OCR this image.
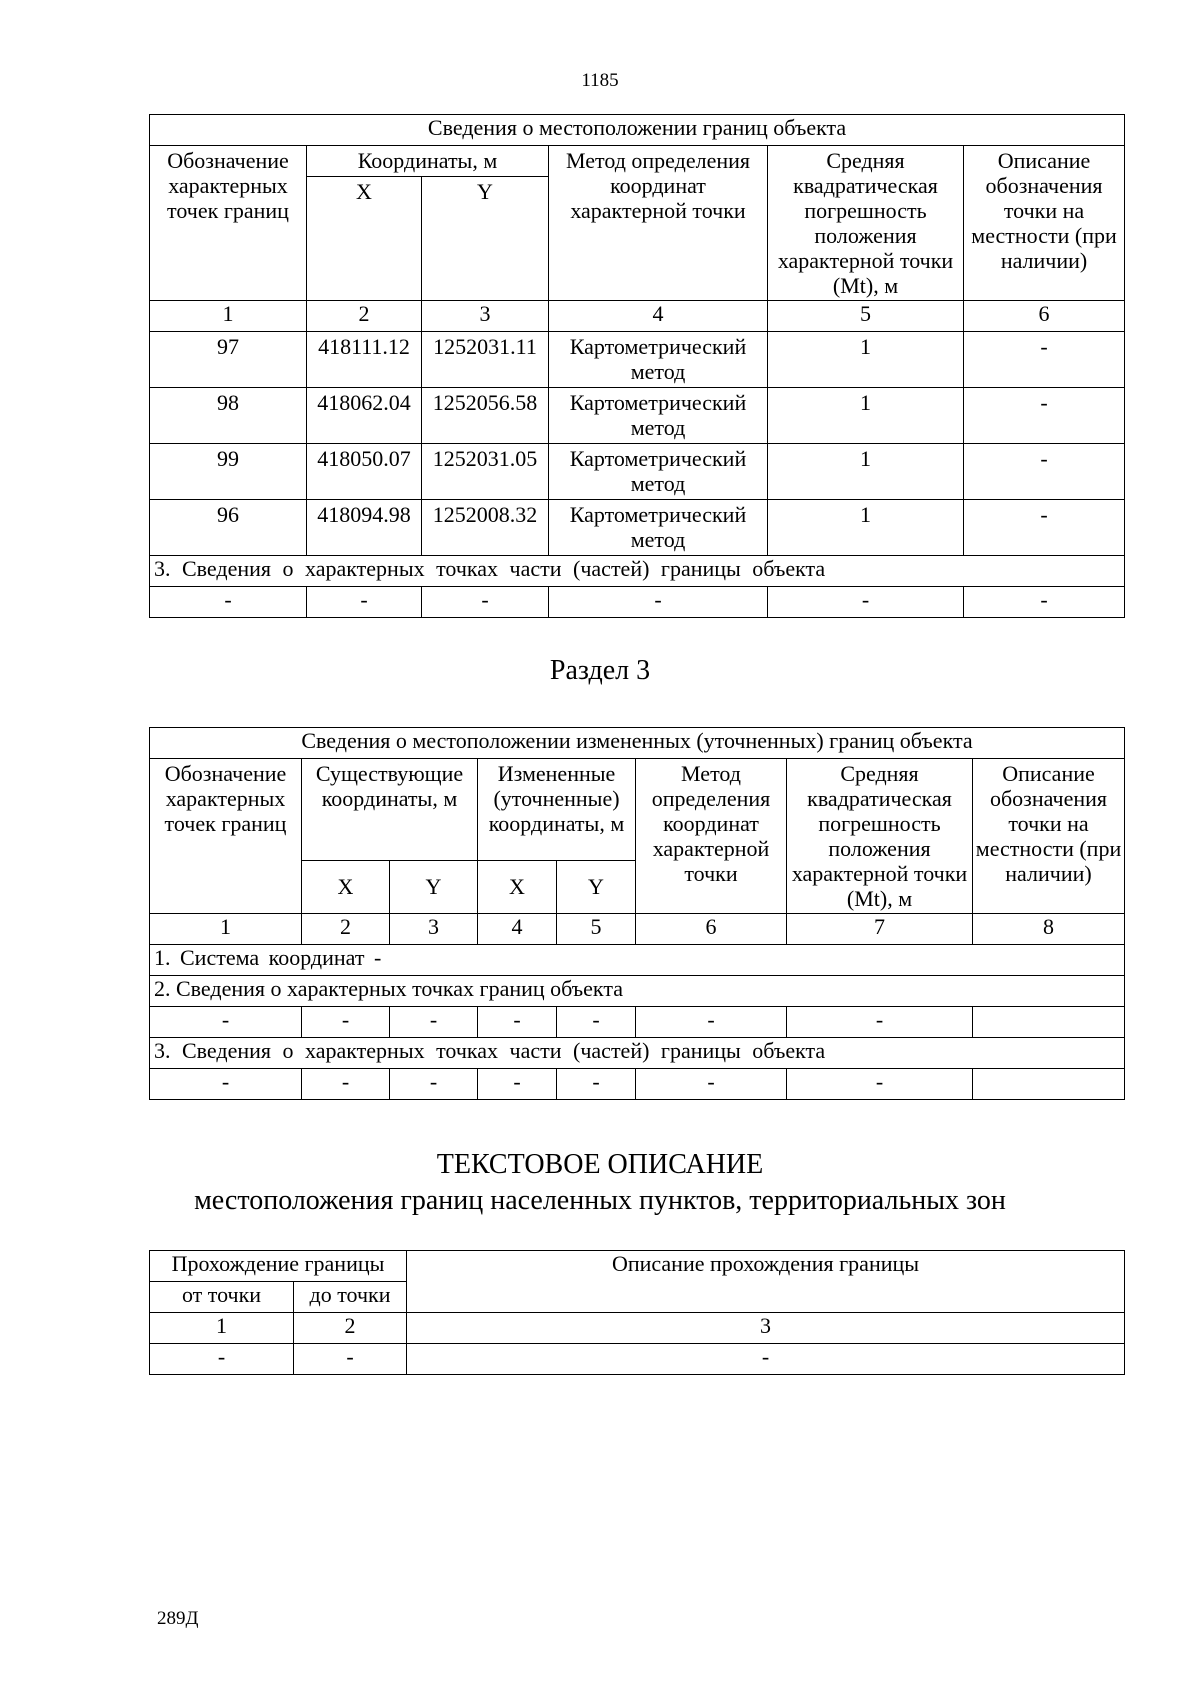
1185
Сведения о местоположении границ объекта					
Обозначение характерных точек границ	Координаты, м		Метод определения координат характерной точки	Средняя квадратическая погрешность положения характерной точки (Mt), м	Описание обозначения точки на местности (при наличии)
	X	Y			
1	2	3	4	5	6
97	418111.12	1252031.11	Картометрический метод	1	-
98	418062.04	1252056.58	Картометрический метод	1	-
99	418050.07	1252031.05	Картометрический метод	1	-
96	418094.98	1252008.32	Картометрический метод	1	-
3. Сведения о характерных точках части (частей) границы объекта					
-	-	-	-	-	-
Раздел 3
Сведения о местоположении измененных (уточненных) границ объекта							
Обозначение характерных точек границ	Существующие координаты, м		Измененные (уточненные) координаты, м		Метод определения координат характерной точки	Средняя квадратическая погрешность положения характерной точки (Mt), м	Описание обозначения точки на местности (при наличии)
	X	Y	X	Y			
1	2	3	4	5	6	7	8
1. Система координат -							
2. Сведения о характерных точках границ объекта							
-	-	-	-	-	-	-	
3. Сведения о характерных точках части (частей) границы объекта							
-	-	-	-	-	-	-	
ТЕКСТОВОЕ ОПИСАНИЕ
местоположения границ населенных пунктов, территориальных зон
Прохождение границы		Описание прохождения границы
от точки	до точки	
1	2	3
-	-	-
289Д
